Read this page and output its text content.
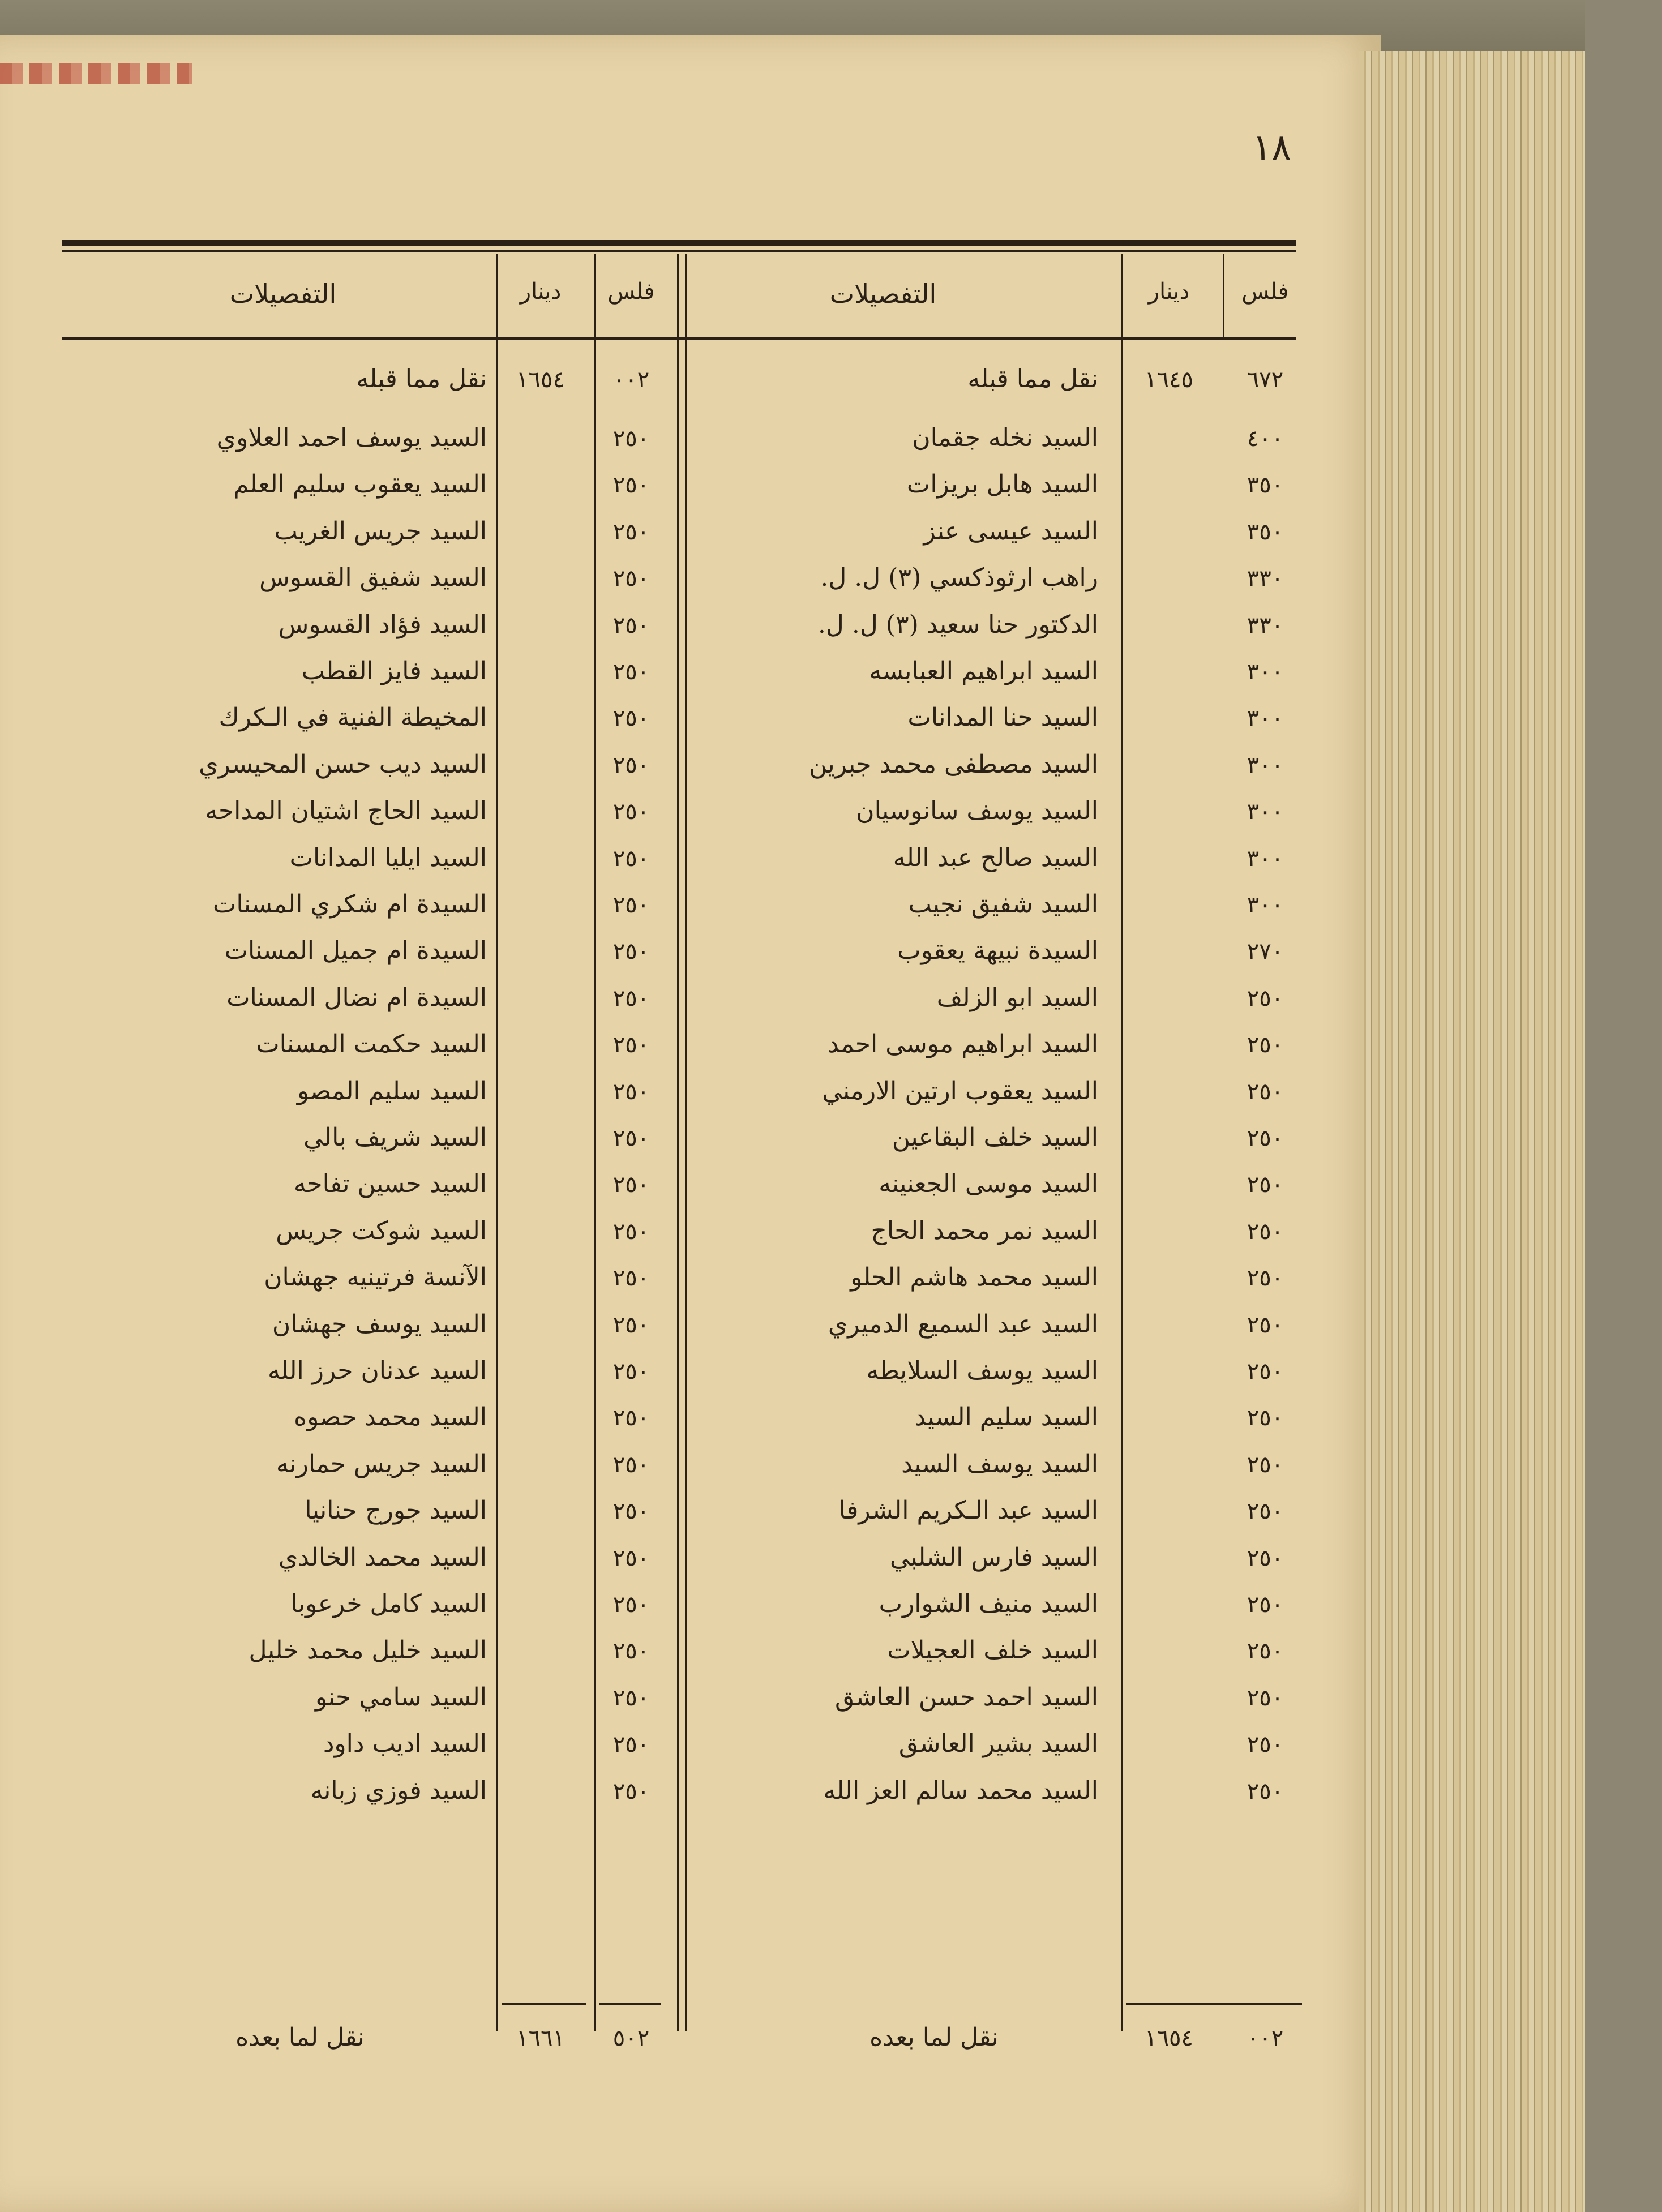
١٨
فلس
دينار
التفصيلات
فلس
دينار
التفصيلات
٦٧٢
١٦٤٥
نقل مما قبله
٠٠٢
١٦٥٤
نقل مما قبله
٤٠٠
السيد نخله جقمان
٢٥٠
السيد يوسف احمد العلاوي
٣٥٠
السيد هابل بريزات
٢٥٠
السيد يعقوب سليم العلم
٣٥٠
السيد عيسى عنز
٢٥٠
السيد جريس الغريب
٣٣٠
راهب ارثوذكسي (٣) ل. ل.
٢٥٠
السيد شفيق القسوس
٣٣٠
الدكتور حنا سعيد (٣) ل. ل.
٢٥٠
السيد فؤاد القسوس
٣٠٠
السيد ابراهيم العبابسه
٢٥٠
السيد فايز القطب
٣٠٠
السيد حنا المدانات
٢٥٠
المخيطة الفنية في الـكرك
٣٠٠
السيد مصطفى محمد جبرين
٢٥٠
السيد ديب حسن المحيسري
٣٠٠
السيد يوسف سانوسيان
٢٥٠
السيد الحاج اشتيان المداحه
٣٠٠
السيد صالح عبد الله
٢٥٠
السيد ايليا المدانات
٣٠٠
السيد شفيق نجيب
٢٥٠
السيدة ام شكري المسنات
٢٧٠
السيدة نبيهة يعقوب
٢٥٠
السيدة ام جميل المسنات
٢٥٠
السيد ابو الزلف
٢٥٠
السيدة ام نضال المسنات
٢٥٠
السيد ابراهيم موسى احمد
٢٥٠
السيد حكمت المسنات
٢٥٠
السيد يعقوب ارتين الارمني
٢٥٠
السيد سليم المصو
٢٥٠
السيد خلف البقاعين
٢٥٠
السيد شريف بالي
٢٥٠
السيد موسى الجعنينه
٢٥٠
السيد حسين تفاحه
٢٥٠
السيد نمر محمد الحاج
٢٥٠
السيد شوكت جريس
٢٥٠
السيد محمد هاشم الحلو
٢٥٠
الآنسة فرتينيه جهشان
٢٥٠
السيد عبد السميع الدميري
٢٥٠
السيد يوسف جهشان
٢٥٠
السيد يوسف السلايطه
٢٥٠
السيد عدنان حرز الله
٢٥٠
السيد سليم السيد
٢٥٠
السيد محمد حصوه
٢٥٠
السيد يوسف السيد
٢٥٠
السيد جريس حمارنه
٢٥٠
السيد عبد الـكريم الشرفا
٢٥٠
السيد جورج حنانيا
٢٥٠
السيد فارس الشلبي
٢٥٠
السيد محمد الخالدي
٢٥٠
السيد منيف الشوارب
٢٥٠
السيد كامل خرعوبا
٢٥٠
السيد خلف العجيلات
٢٥٠
السيد خليل محمد خليل
٢٥٠
السيد احمد حسن العاشق
٢٥٠
السيد سامي حنو
٢٥٠
السيد بشير العاشق
٢٥٠
السيد اديب داود
٢٥٠
السيد محمد سالم العز الله
٢٥٠
السيد فوزي زبانه
٠٠٢
١٦٥٤
نقل لما بعده
٥٠٢
١٦٦١
نقل لما بعده
